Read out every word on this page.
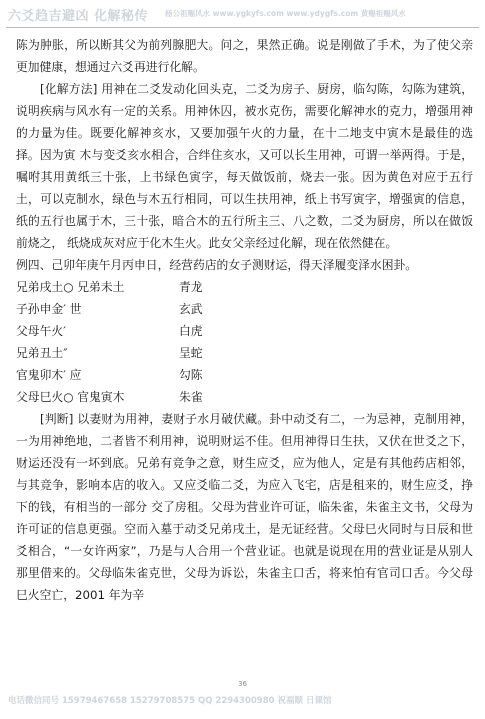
六爻趋吉避凶 化解秘传 杨公祖赐风水 www.ygkyfs.com www.ydygfs.com 黄赐祖赐风水

陈为肿胀，所以断其父为前列腺肥大。问之，果然正确。说是刚做了手术，为了使父亲更加健康，想通过六爻再进行化解。

[化解方法] 用神在二爻发动化回头克，二爻为房子、厨房，临勾陈，勾陈为建筑，说明疾病与风水有一定的关系。用神休囚，被水克伤，需要化解神水的克力，增强用神的力量为佳。既要化解神亥水，又要加强午火的力量，在十二地支中寅木是最佳的选择。因为寅 木与变爻亥水相合，合绊住亥水，又可以长生用神，可谓一举两得。于是，嘱咐其用黄纸三十张，上书绿色寅字，每天做饭前，烧去一张。因为黄色对应于五行 土，可以克制水，绿色与木五行相同，可以生扶用神，纸上书写寅字，增强寅的信息，纸的五行也属于木，三十张，暗合木的五行所主三、八之数，二爻为厨房，所以在做饭前烧之， 纸烧成灰对应于化木生火。此女父亲经过化解，现在依然健在。

例四、己卯年庚午月丙申日，经营药店的女子测财运，得天泽履变泽水困卦。

兄弟戌土○ 兄弟未土	青龙
子孙申金′ 世	玄武
父母午火′	白虎
兄弟丑土″	呈蛇
官鬼卯木′ 应	勾陈
父母巳火○ 官鬼寅木	朱雀

[判断] 以妻财为用神，妻财子水月破伏藏。卦中动爻有二，一为忌神，克制用神，一为用神绝地，二者皆不利用神，说明财运不佳。但用神得日生扶，又伏在世爻之下，财运还没有一坏到底。兄弟有竞争之意，财生应爻，应为他人，定是有其他药店相邻，与其竞争，影响本店的收入。又应爻临二爻，为应入飞宅，店是租来的，财生应爻，挣下的钱，有相当的一部分 交了房租。父母为营业许可证，临朱雀，朱雀主文书，父母为许可证的信息更强。空而入墓于动爻兄弟戌土，是无证经营。父母巳火同时与日辰和世爻相合，“一女许两家”，乃是与人合用一个营业证。也就是说现在用的营业证是从别人那里借来的。父母临朱雀克世，父母为诉讼，朱雀主口舌，将来怕有官司口舌。今父母巳火空亡，2001 年为辛

36
电话微信同号 15979467658 15279708575 QQ 2294300980 祝福顺 日课馆
